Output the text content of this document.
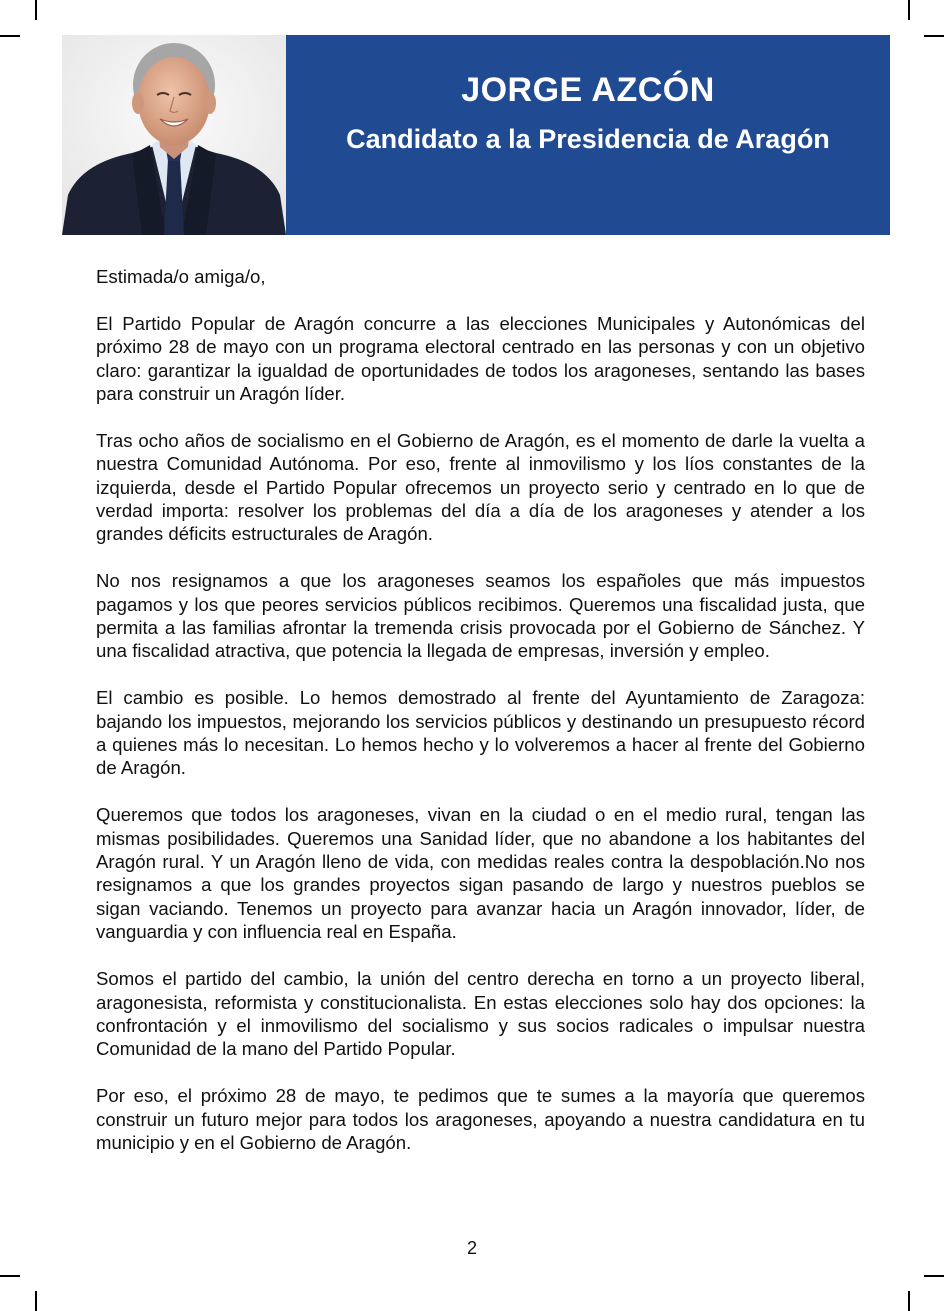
JORGE AZCÓN
Candidato a la Presidencia de Aragón

Estimada/o amiga/o,

El Partido Popular de Aragón concurre a las elecciones Municipales y Autonómicas del próximo 28 de mayo con un programa electoral centrado en las personas y con un objetivo claro: garantizar la igualdad de oportunidades de todos los aragoneses, sentando las bases para construir un Aragón líder.

Tras ocho años de socialismo en el Gobierno de Aragón, es el momento de darle la vuelta a nuestra Comunidad Autónoma. Por eso, frente al inmovilismo y los líos constantes de la izquierda, desde el Partido Popular ofrecemos un proyecto serio y centrado en lo que de verdad importa: resolver los problemas del día a día de los aragoneses y atender a los grandes déficits estructurales de Aragón.

No nos resignamos a que los aragoneses seamos los españoles que más impuestos pagamos y los que peores servicios públicos recibimos. Queremos una fiscalidad justa, que permita a las familias afrontar la tremenda crisis provocada por el Gobierno de Sánchez. Y una fiscalidad atractiva, que potencia la llegada de empresas, inversión y empleo.

El cambio es posible. Lo hemos demostrado al frente del Ayuntamiento de Zaragoza: bajando los impuestos, mejorando los servicios públicos y destinando un presupuesto récord a quienes más lo necesitan. Lo hemos hecho y lo volveremos a hacer al frente del Gobierno de Aragón.

Queremos que todos los aragoneses, vivan en la ciudad o en el medio rural, tengan las mismas posibilidades. Queremos una Sanidad líder, que no abandone a los habitantes del Aragón rural. Y un Aragón lleno de vida, con medidas reales contra la despoblación.No nos resignamos a que los grandes proyectos sigan pasando de largo y nuestros pueblos se sigan vaciando. Tenemos un proyecto para avanzar hacia un Aragón innovador, líder, de vanguardia y con influencia real en España.

Somos el partido del cambio, la unión del centro derecha en torno a un proyecto liberal, aragonesista, reformista y constitucionalista. En estas elecciones solo hay dos opciones: la confrontación y el inmovilismo del socialismo y sus socios radicales o impulsar nuestra Comunidad de la mano del Partido Popular.

Por eso, el próximo 28 de mayo, te pedimos que te sumes a la mayoría que queremos construir un futuro mejor para todos los aragoneses, apoyando a nuestra candidatura en tu municipio y en el Gobierno de Aragón.

2
